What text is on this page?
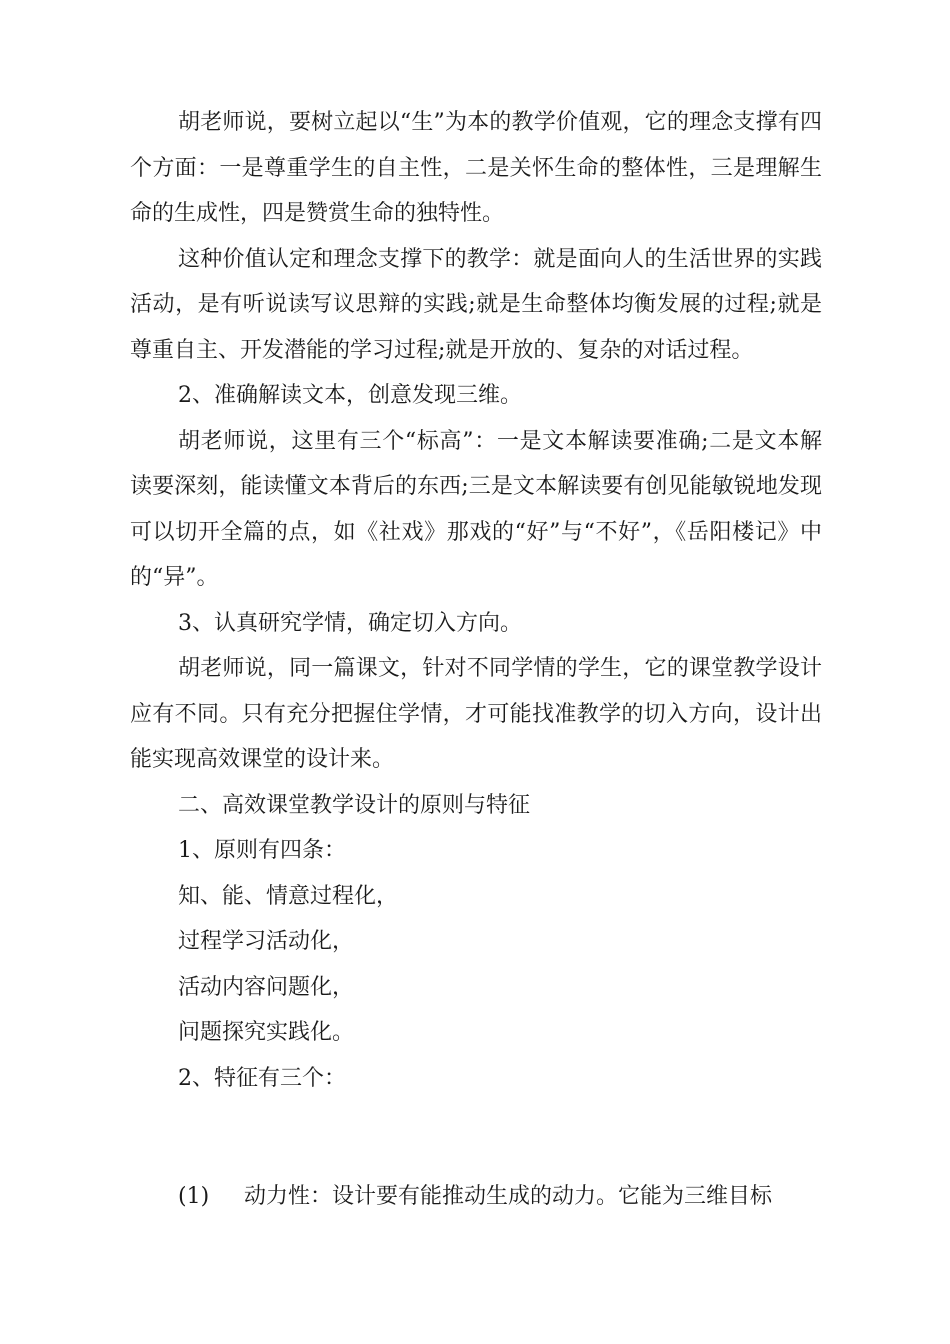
胡老师说，要树立起以“生”为本的教学价值观，它的理念支撑有四个方面：一是尊重学生的自主性，二是关怀生命的整体性，三是理解生命的生成性，四是赞赏生命的独特性。

这种价值认定和理念支撑下的教学：就是面向人的生活世界的实践活动，是有听说读写议思辩的实践;就是生命整体均衡发展的过程;就是尊重自主、开发潜能的学习过程;就是开放的、复杂的对话过程。

2、准确解读文本，创意发现三维。

胡老师说，这里有三个“标高”：一是文本解读要准确;二是文本解读要深刻，能读懂文本背后的东西;三是文本解读要有创见能敏锐地发现可以切开全篇的点，如《社戏》那戏的“好”与“不好”，《岳阳楼记》中的“异”。

3、认真研究学情，确定切入方向。

胡老师说，同一篇课文，针对不同学情的学生，它的课堂教学设计应有不同。只有充分把握住学情，才可能找准教学的切入方向，设计出能实现高效课堂的设计来。

二、高效课堂教学设计的原则与特征

1、原则有四条：

知、能、情意过程化，

过程学习活动化，

活动内容问题化，

问题探究实践化。

2、特征有三个：

(1) 动力性：设计要有能推动生成的动力。它能为三维目标
